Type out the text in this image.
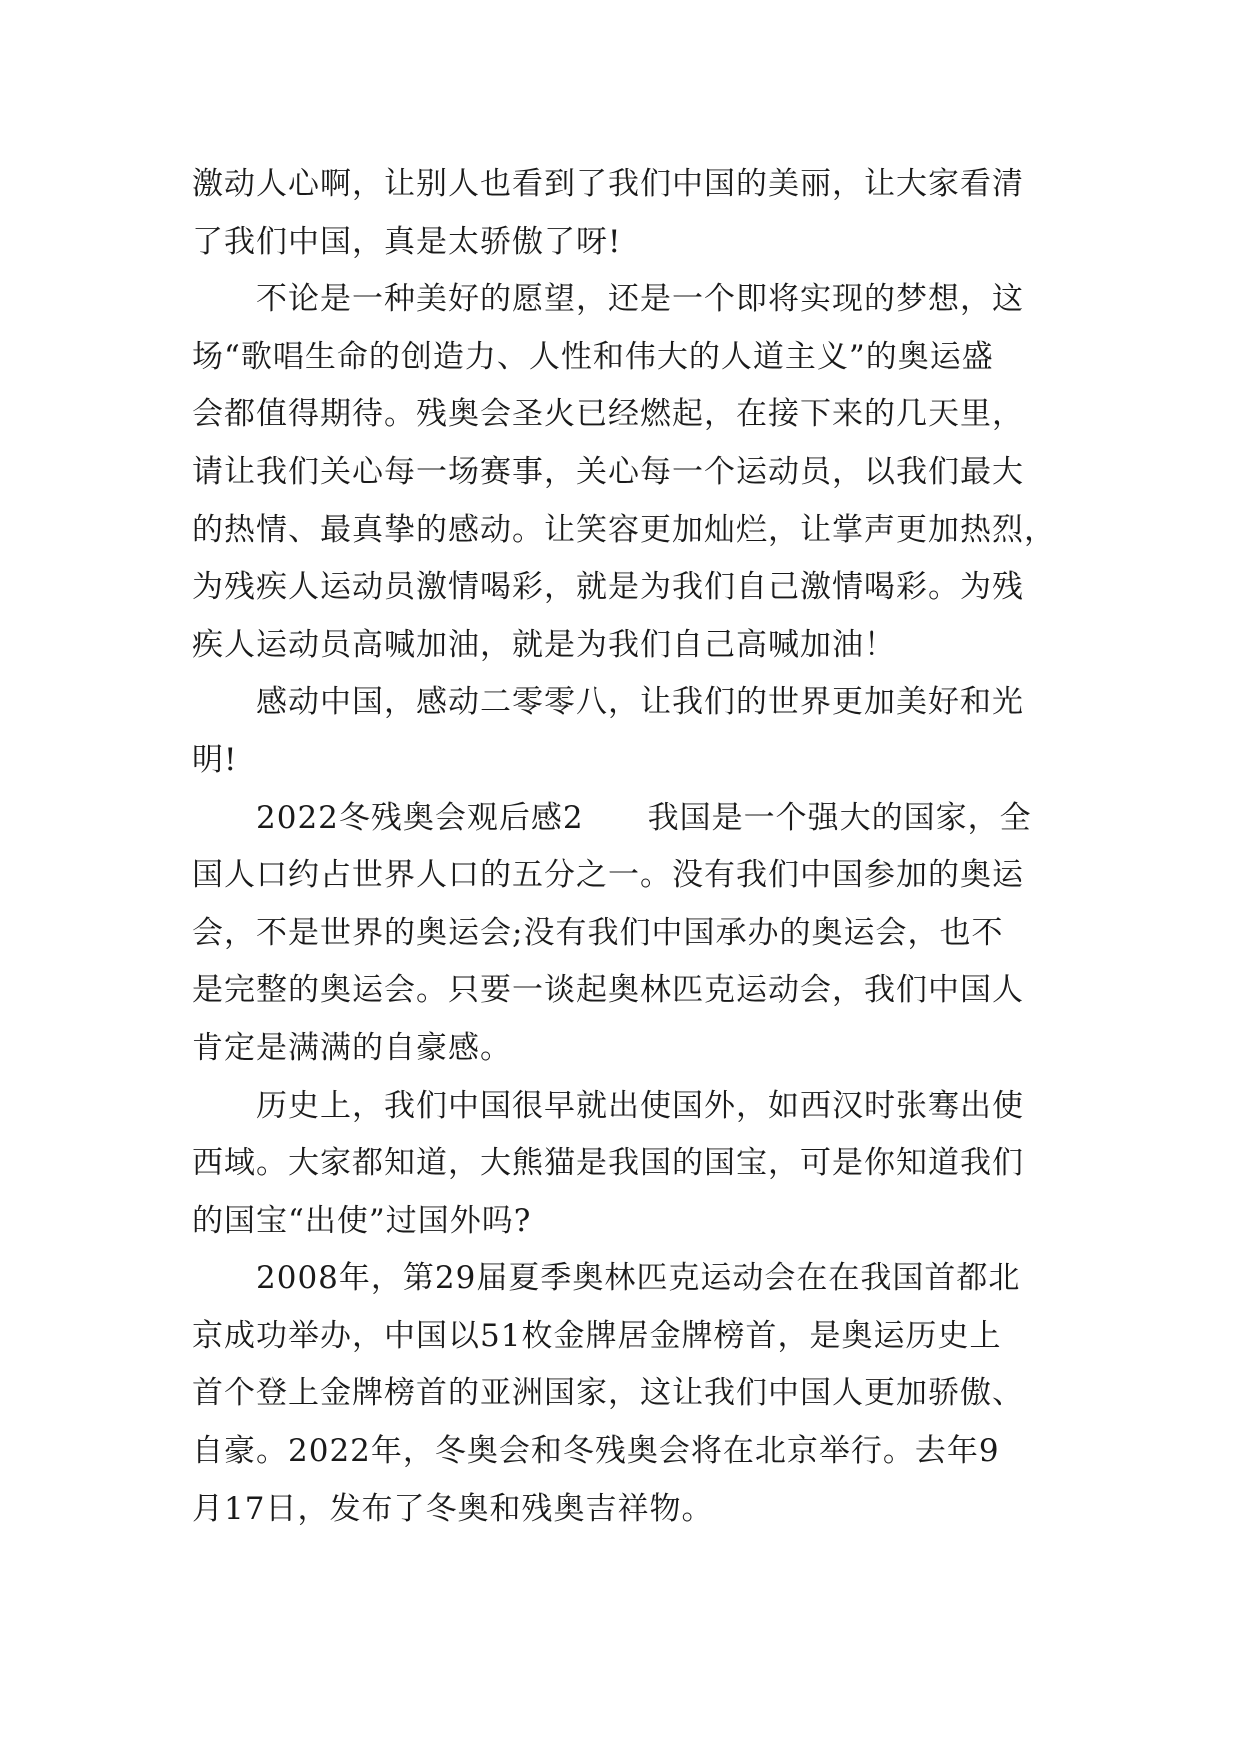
激动人心啊，让别人也看到了我们中国的美丽，让大家看清
了我们中国，真是太骄傲了呀!
不论是一种美好的愿望，还是一个即将实现的梦想，这
场“歌唱生命的创造力、人性和伟大的人道主义”的奥运盛
会都值得期待。残奥会圣火已经燃起，在接下来的几天里，
请让我们关心每一场赛事，关心每一个运动员，以我们最大
的热情、最真挚的感动。让笑容更加灿烂，让掌声更加热烈，
为残疾人运动员激情喝彩，就是为我们自己激情喝彩。为残
疾人运动员高喊加油，就是为我们自己高喊加油！
感动中国，感动二零零八，让我们的世界更加美好和光
明!
2022冬残奥会观后感2　　我国是一个强大的国家，全
国人口约占世界人口的五分之一。没有我们中国参加的奥运
会，不是世界的奥运会;没有我们中国承办的奥运会，也不
是完整的奥运会。只要一谈起奥林匹克运动会，我们中国人
肯定是满满的自豪感。
历史上，我们中国很早就出使国外，如西汉时张骞出使
西域。大家都知道，大熊猫是我国的国宝，可是你知道我们
的国宝“出使”过国外吗?
2008年，第29届夏季奥林匹克运动会在在我国首都北
京成功举办，中国以51枚金牌居金牌榜首，是奥运历史上
首个登上金牌榜首的亚洲国家，这让我们中国人更加骄傲、
自豪。2022年，冬奥会和冬残奥会将在北京举行。去年9
月17日，发布了冬奥和残奥吉祥物。
